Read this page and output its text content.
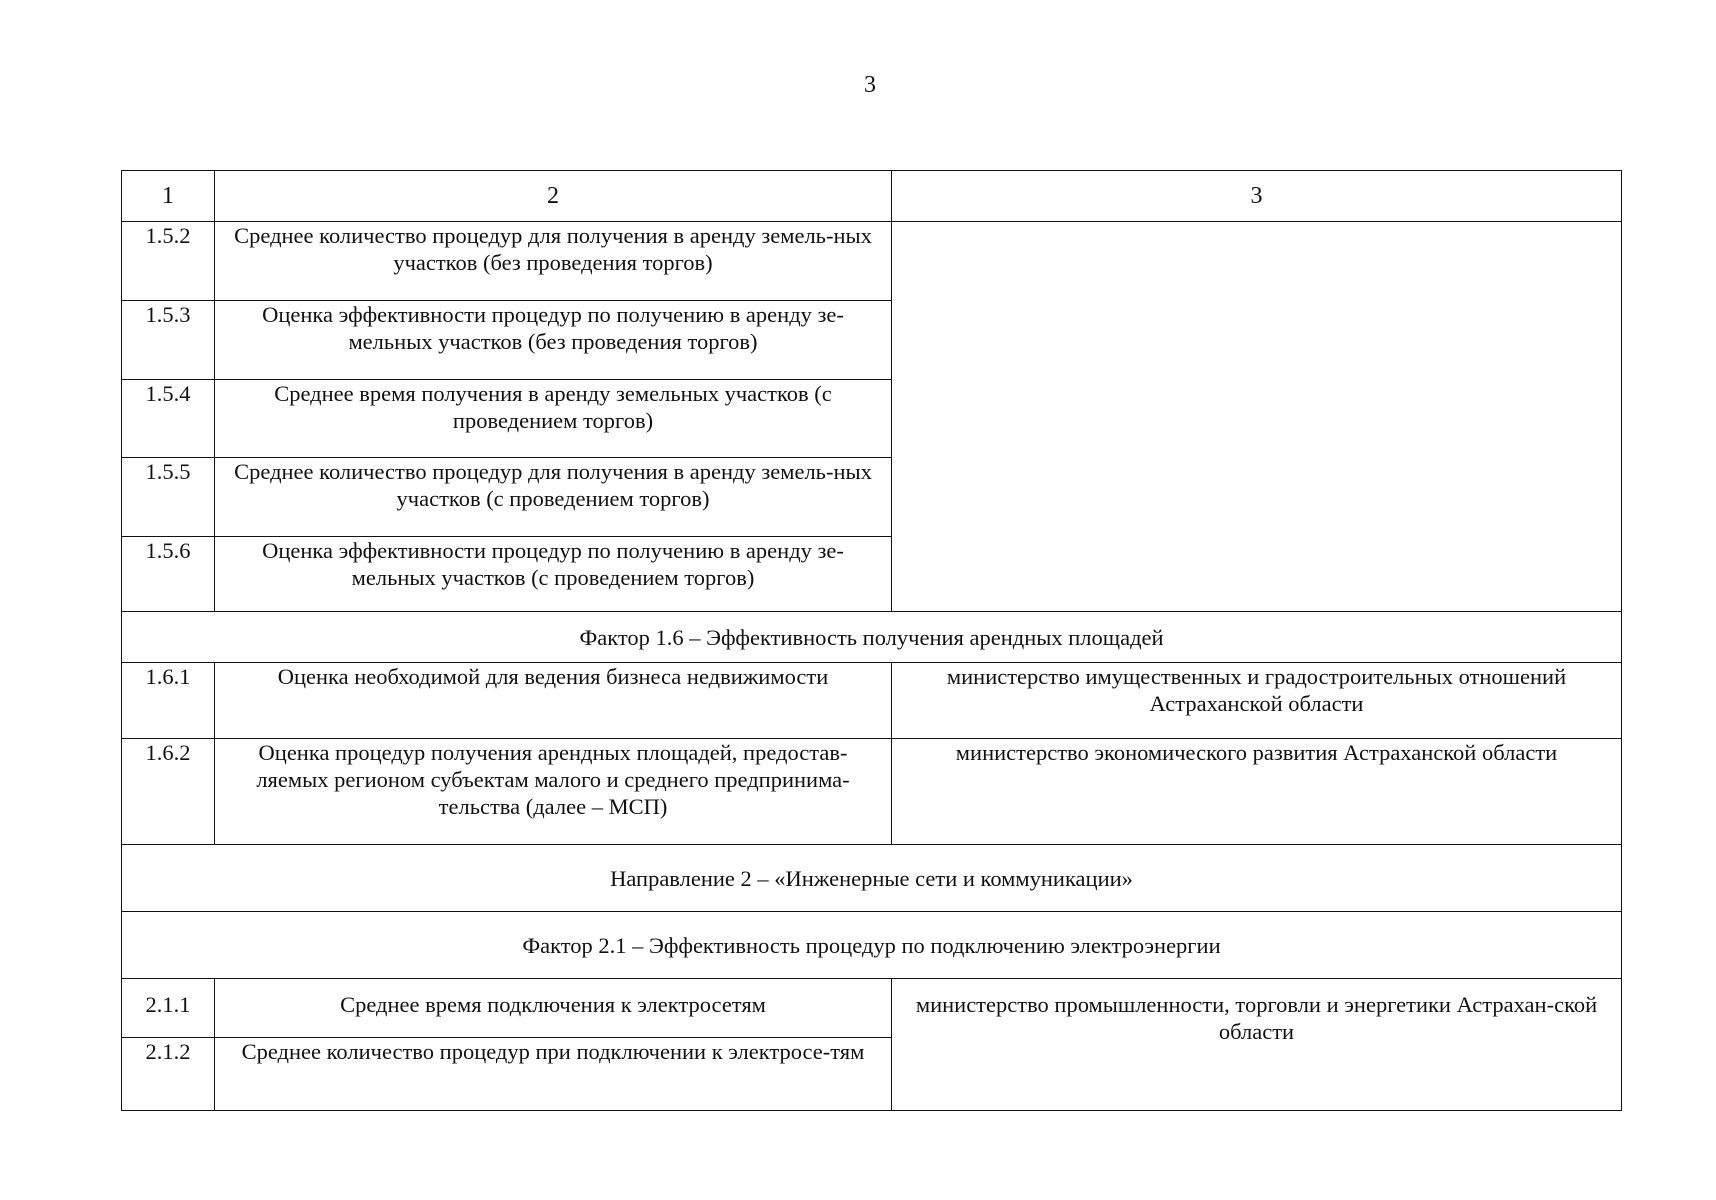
3
1	2	3
1.5.2	Среднее количество процедур для получения в аренду земель-ных участков (без проведения торгов)	
1.5.3	Оценка эффективности процедур по получению в аренду зе-мельных участков (без проведения торгов)	
1.5.4	Среднее время получения в аренду земельных участков (с проведением торгов)	
1.5.5	Среднее количество процедур для получения в аренду земель-ных участков (с проведением торгов)	
1.5.6	Оценка эффективности процедур по получению в аренду зе-мельных участков (с проведением торгов)	
Фактор 1.6 – Эффективность получения арендных площадей		
1.6.1	Оценка необходимой для ведения бизнеса недвижимости	министерство имущественных и градостроительных отношений Астраханской области
1.6.2	Оценка процедур получения арендных площадей, предостав-ляемых регионом субъектам малого и среднего предпринима-тельства (далее – МСП)	министерство экономического развития Астраханской области
Направление 2 – «Инженерные сети и коммуникации»		
Фактор 2.1 – Эффективность процедур по подключению электроэнергии		
2.1.1	Среднее время подключения к электросетям	министерство промышленности, торговли и энергетики Астрахан-ской области
2.1.2	Среднее количество процедур при подключении к электросе-тям	
